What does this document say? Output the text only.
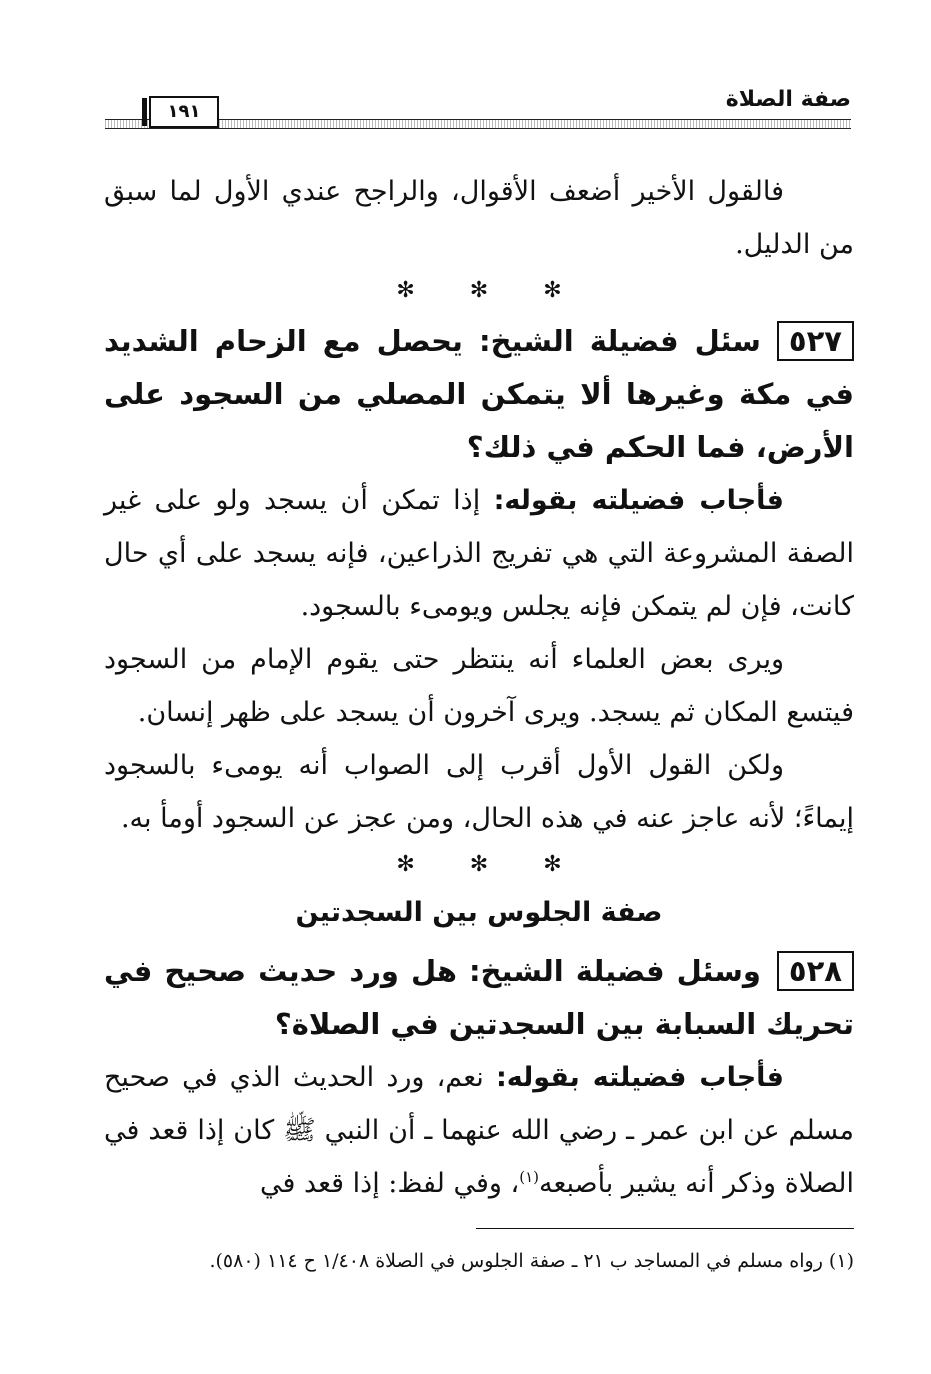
١٩١	صفة الصلاة

فالقول الأخير أضعف الأقوال، والراجح عندي الأول لما سبق من الدليل.

✻	✻	✻

٥٢٧سئل فضيلة الشيخ: يحصل مع الزحام الشديد في مكة وغيرها ألا يتمكن المصلي من السجود على الأرض، فما الحكم في ذلك؟

فأجاب فضيلته بقوله: إذا تمكن أن يسجد ولو على غير الصفة المشروعة التي هي تفريج الذراعين، فإنه يسجد على أي حال كانت، فإن لم يتمكن فإنه يجلس ويومىء بالسجود.

ويرى بعض العلماء أنه ينتظر حتى يقوم الإمام من السجود فيتسع المكان ثم يسجد. ويرى آخرون أن يسجد على ظهر إنسان.

ولكن القول الأول أقرب إلى الصواب أنه يومىء بالسجود إيماءً؛ لأنه عاجز عنه في هذه الحال، ومن عجز عن السجود أومأ به.

✻	✻	✻

صفة الجلوس بين السجدتين

٥٢٨وسئل فضيلة الشيخ: هل ورد حديث صحيح في تحريك السبابة بين السجدتين في الصلاة؟

فأجاب فضيلته بقوله: نعم، ورد الحديث الذي في صحيح مسلم عن ابن عمر ـ رضي الله عنهما ـ أن النبي ﷺ كان إذا قعد في الصلاة وذكر أنه يشير بأصبعه$^{(١)}$، وفي لفظ: إذا قعد في

(١) رواه مسلم في المساجد ب ٢١ ـ صفة الجلوس في الصلاة ١/٤٠٨ ح ١١٤ (٥٨٠).
